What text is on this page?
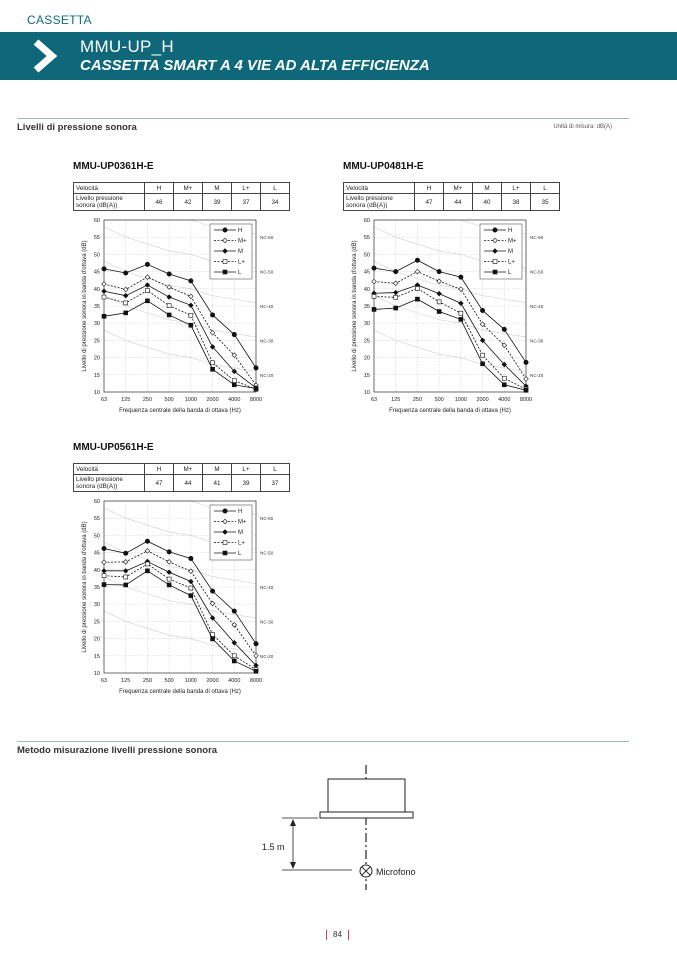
CASSETTA
MMU-UP_H
CASSETTA SMART A 4 VIE AD ALTA EFFICIENZA
Livelli di pressione sonora	Unità di misura: dB(A)
MMU-UP0361H-E
Velocità	H	M+	M	L+	L
Livello pressione
sonora (dB(A))	46	42	39	37	34
NC-60
NC-50
NC-40
NC-30
NC-20
60
55
50
45
40
35
30
25
20
15
10
63	125 250 500 1000 2000 4000 8000
Frequenza centrale della banda di ottava (Hz)
Livello di pressione sonora in banda d'ottava (dB)
H
M+
M
L+
L
MMU-UP0481H-E
Velocità	H	M+	M	L+	L
Livello pressione
sonora (dB(A))	47	44	40	38	35
NC-60
NC-50
NC-40
NC-30
NC-20
60
55
50
45
40
35
30
25
20
15
10
63	125 250 500 1000 2000 4000 8000
Frequenza centrale della banda di ottava (Hz)
Livello di pressione sonora in banda d'ottava (dB)
H
M+
M
L+
L
MMU-UP0561H-E
Velocità	H	M+	M	L+	L
Livello pressione
sonora (dB(A))	47	44	41	39	37
NC-60
NC-50
NC-40
NC-30
NC-20
60
55
50
45
40
35
30
25
20
15
10
63	125 250 500 1000 2000 4000 8000
Frequenza centrale della banda di ottava (Hz)
Livello di pressione sonora in banda d'ottava (dB)
H
M+
M
L+
L
Metodo misurazione livelli pressione sonora
1.5 m
Microfono
84
